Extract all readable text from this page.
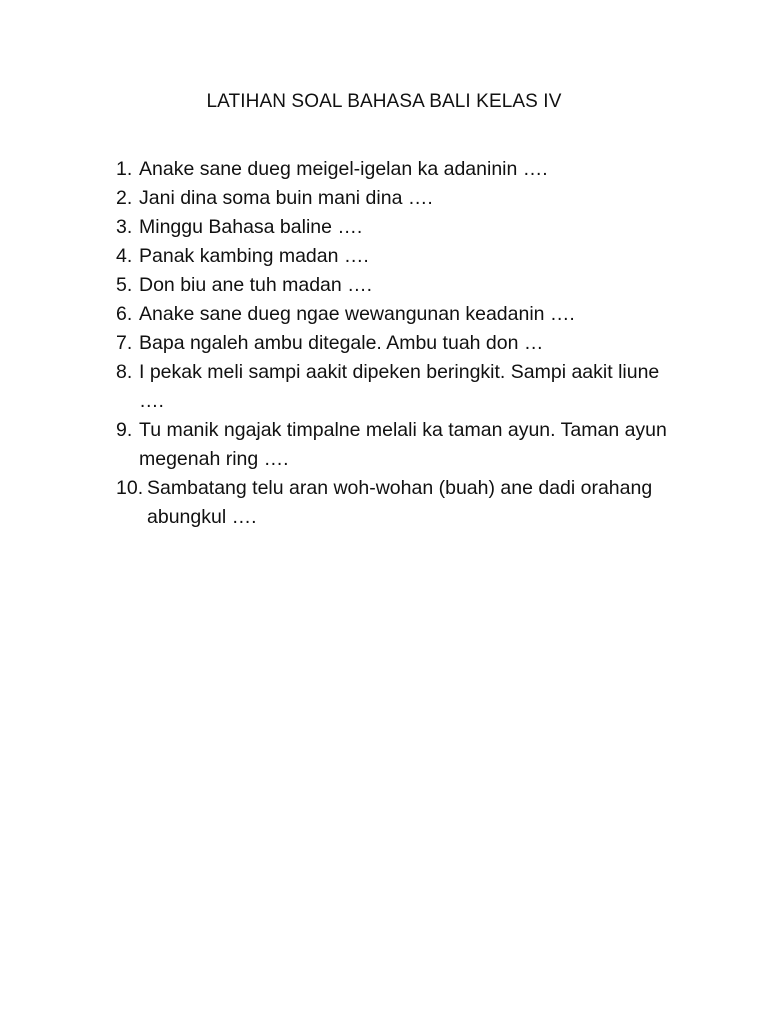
LATIHAN SOAL BAHASA BALI KELAS IV
1. Anake sane dueg meigel-igelan ka adaninin ….
2. Jani dina soma buin mani dina ….
3. Minggu Bahasa baline ….
4. Panak kambing madan ….
5. Don biu ane tuh madan ….
6. Anake sane dueg ngae wewangunan keadanin ….
7. Bapa ngaleh ambu ditegale. Ambu tuah don …
8. I pekak meli sampi aakit dipeken beringkit. Sampi aakit liune ….
9. Tu manik ngajak timpalne melali ka taman ayun. Taman ayun megenah ring ….
10. Sambatang telu aran woh-wohan (buah) ane dadi orahang abungkul ….
